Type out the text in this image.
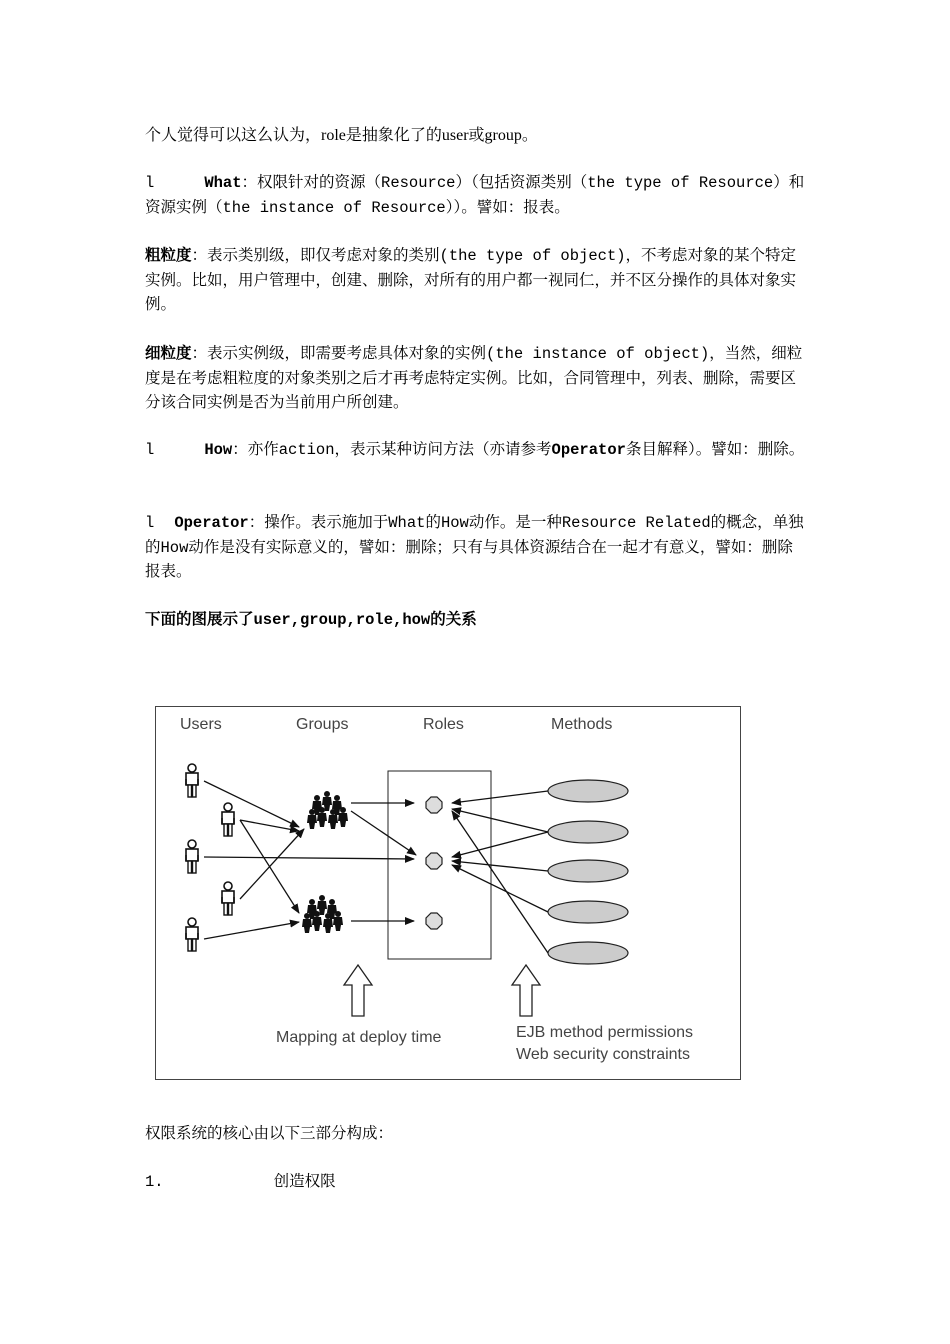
个人觉得可以这么认为，role是抽象化了的user或group。
l	What：权限针对的资源（Resource）（包括资源类别（the type of Resource）和资源实例（the instance of Resource））。譬如：报表。
粗粒度：表示类别级，即仅考虑对象的类别(the type of object)，不考虑对象的某个特定实例。比如，用户管理中，创建、删除，对所有的用户都一视同仁，并不区分操作的具体对象实例。
细粒度：表示实例级，即需要考虑具体对象的实例(the instance of object)，当然，细粒度是在考虑粗粒度的对象类别之后才再考虑特定实例。比如，合同管理中，列表、删除，需要区分该合同实例是否为当前用户所创建。
l	How：亦作action，表示某种访问方法（亦请参考Operator条目解释）。譬如：删除。
l Operator：操作。表示施加于What的How动作。是一种Resource Related的概念，单独的How动作是没有实际意义的，譬如：删除；只有与具体资源结合在一起才有意义，譬如：删除报表。
下面的图展示了user,group,role,how的关系
Users	Groups	Roles	Methods
Mapping at deploy time	EJB method permissions
Web security constraints
权限系统的核心由以下三部分构成：
1.	创造权限
